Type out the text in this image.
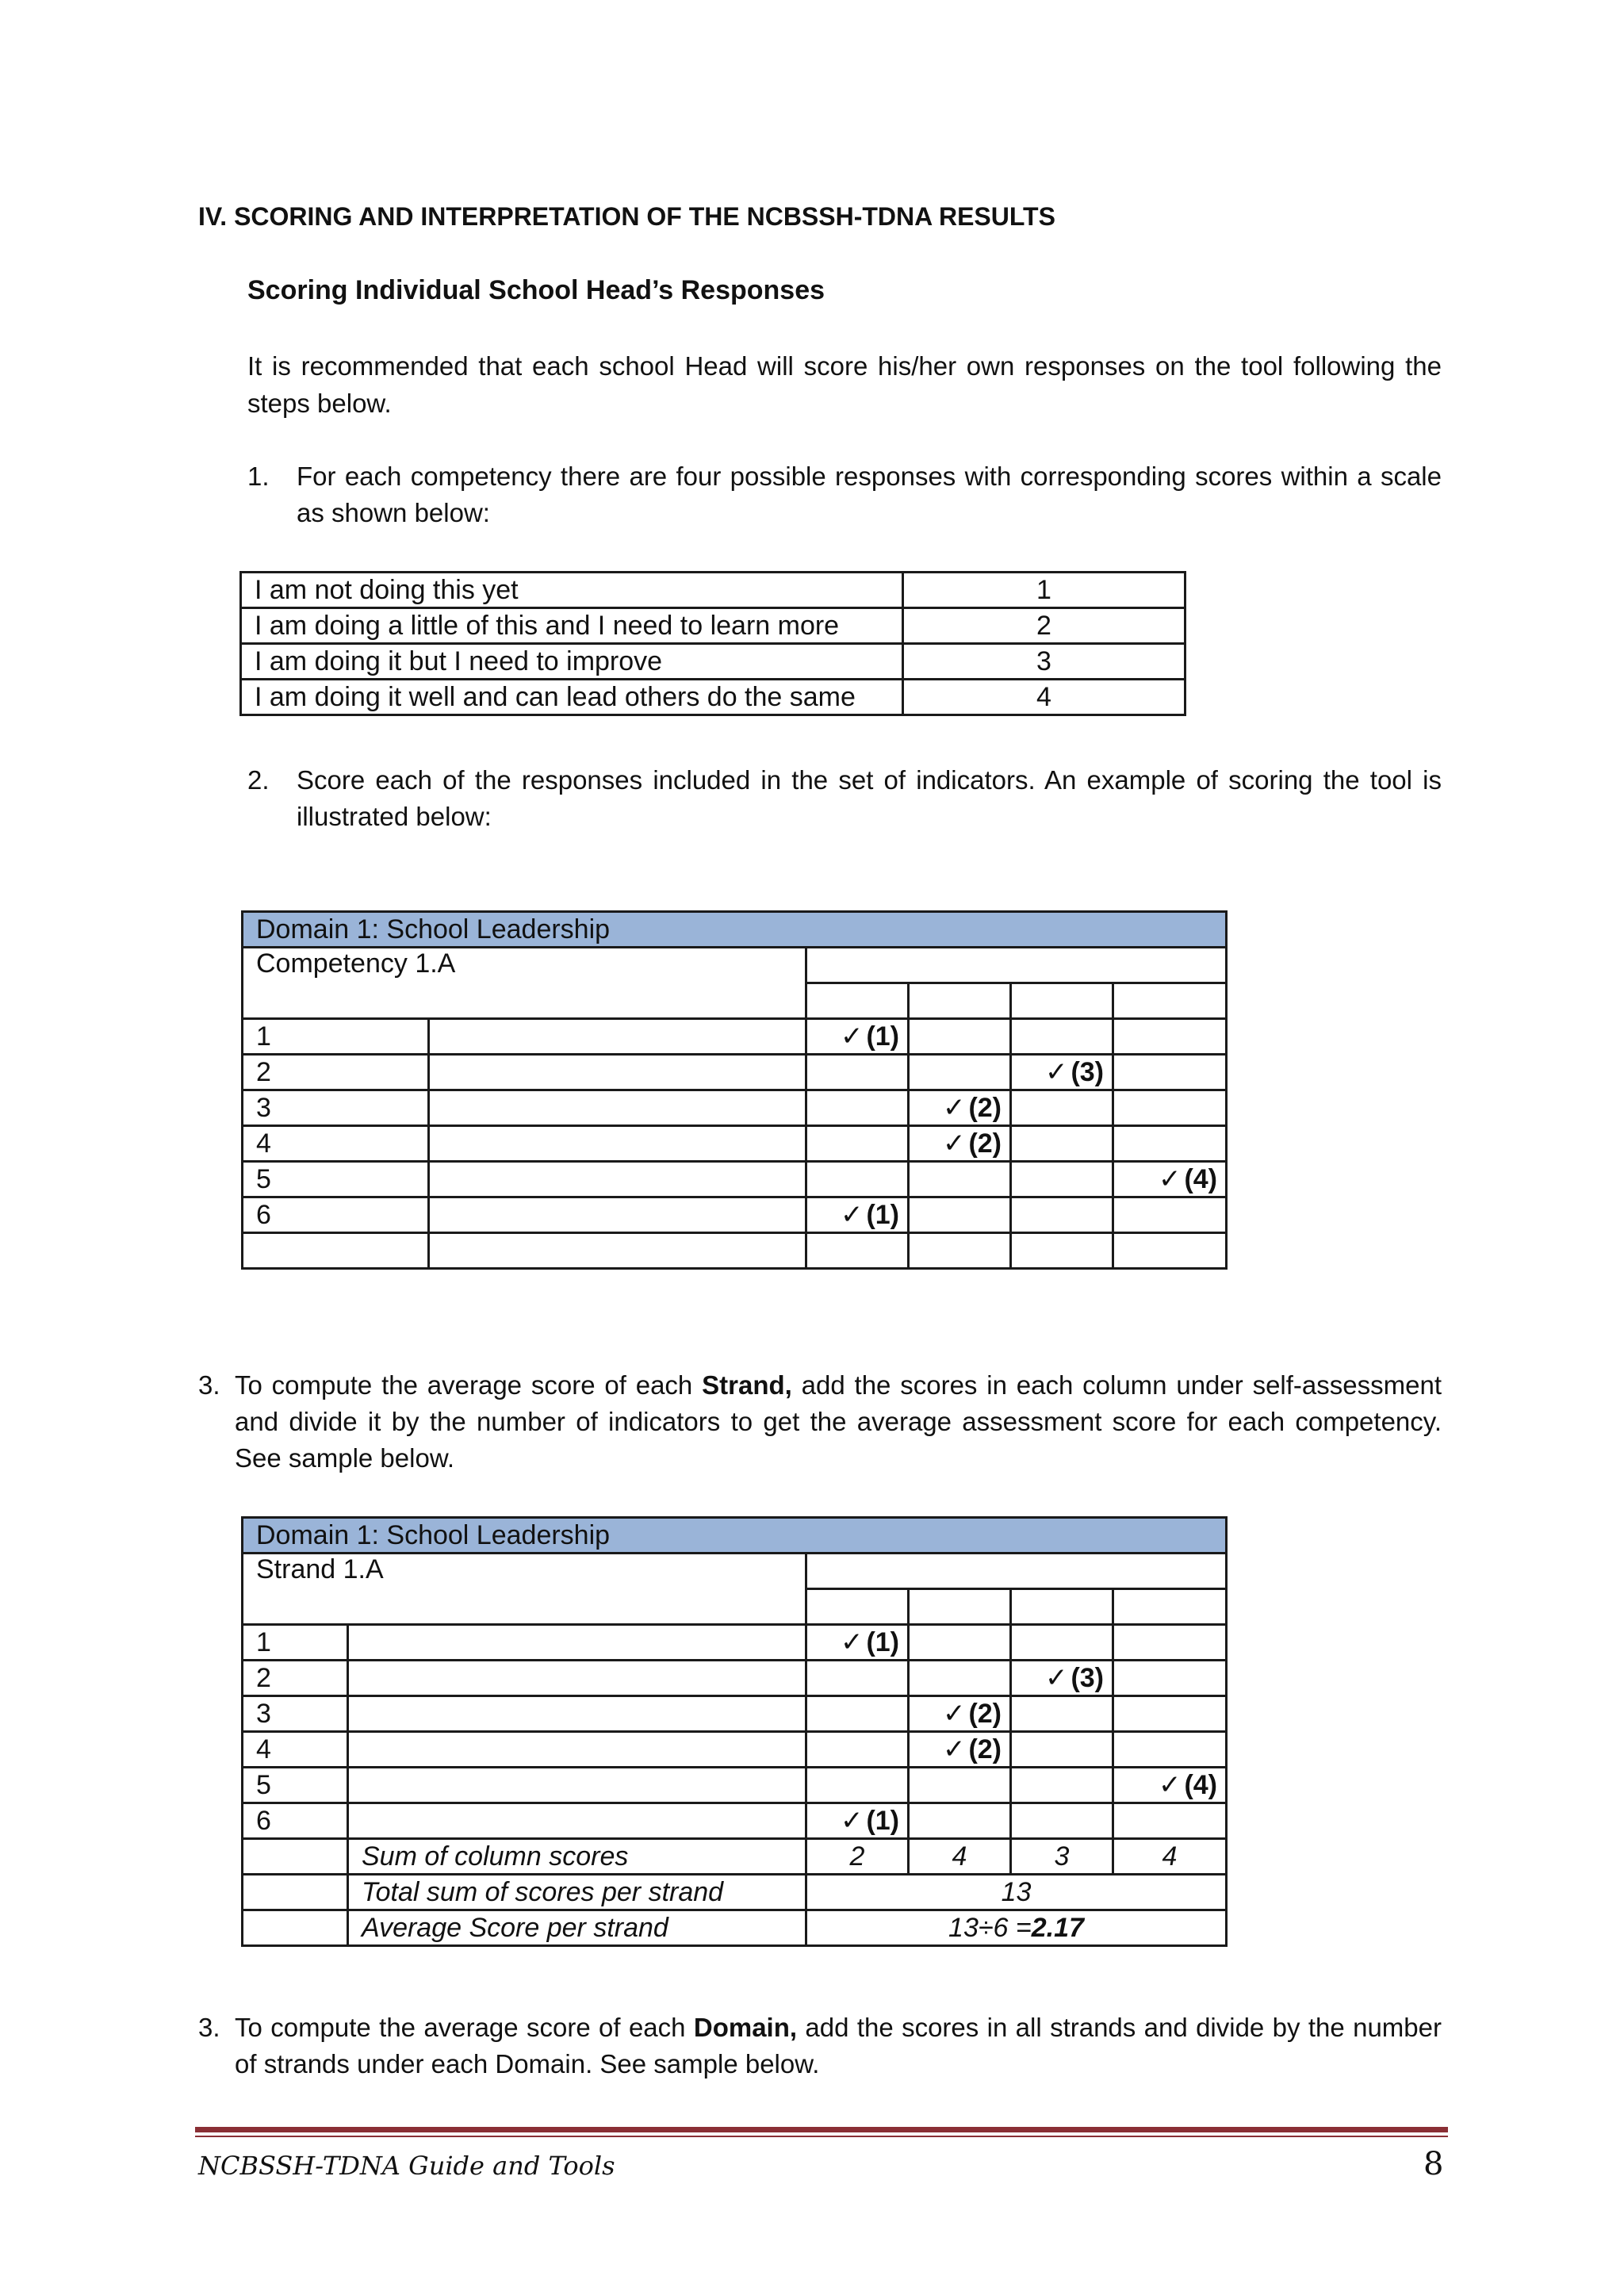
IV. SCORING AND INTERPRETATION OF THE NCBSSH-TDNA RESULTS
Scoring Individual School Head’s Responses
It is recommended that each school Head will score his/her own responses on the tool following the steps below.
1. For each competency there are four possible responses with corresponding scores within a scale as shown below:
I am not doing this yet	1
I am doing a little of this and I need to learn more	2
I am doing it but I need to improve	3
I am doing it well and can lead others do the same	4
2. Score each of the responses included in the set of indicators. An example of scoring the tool is illustrated below:
Domain 1: School Leadership					
Competency 1.A					

1		✓ (1)			
2				✓ (3)	
3			✓ (2)		
4			✓ (2)		
5					✓ (4)
6		✓ (1)			

3. To compute the average score of each Strand, add the scores in each column under self-assessment and divide it by the number of indicators to get the average assessment score for each competency. See sample below.
Domain 1: School Leadership					
Strand 1.A					

1		✓ (1)			
2				✓ (3)	
3			✓ (2)		
4			✓ (2)		
5					✓ (4)
6		✓ (1)			
	Sum of column scores	2	4	3	4
	Total sum of scores per strand	13			
	Average Score per strand	13÷6 =2.17			
3. To compute the average score of each Domain, add the scores in all strands and divide by the number of strands under each Domain. See sample below.
NCBSSH-TDNA Guide and Tools	8
